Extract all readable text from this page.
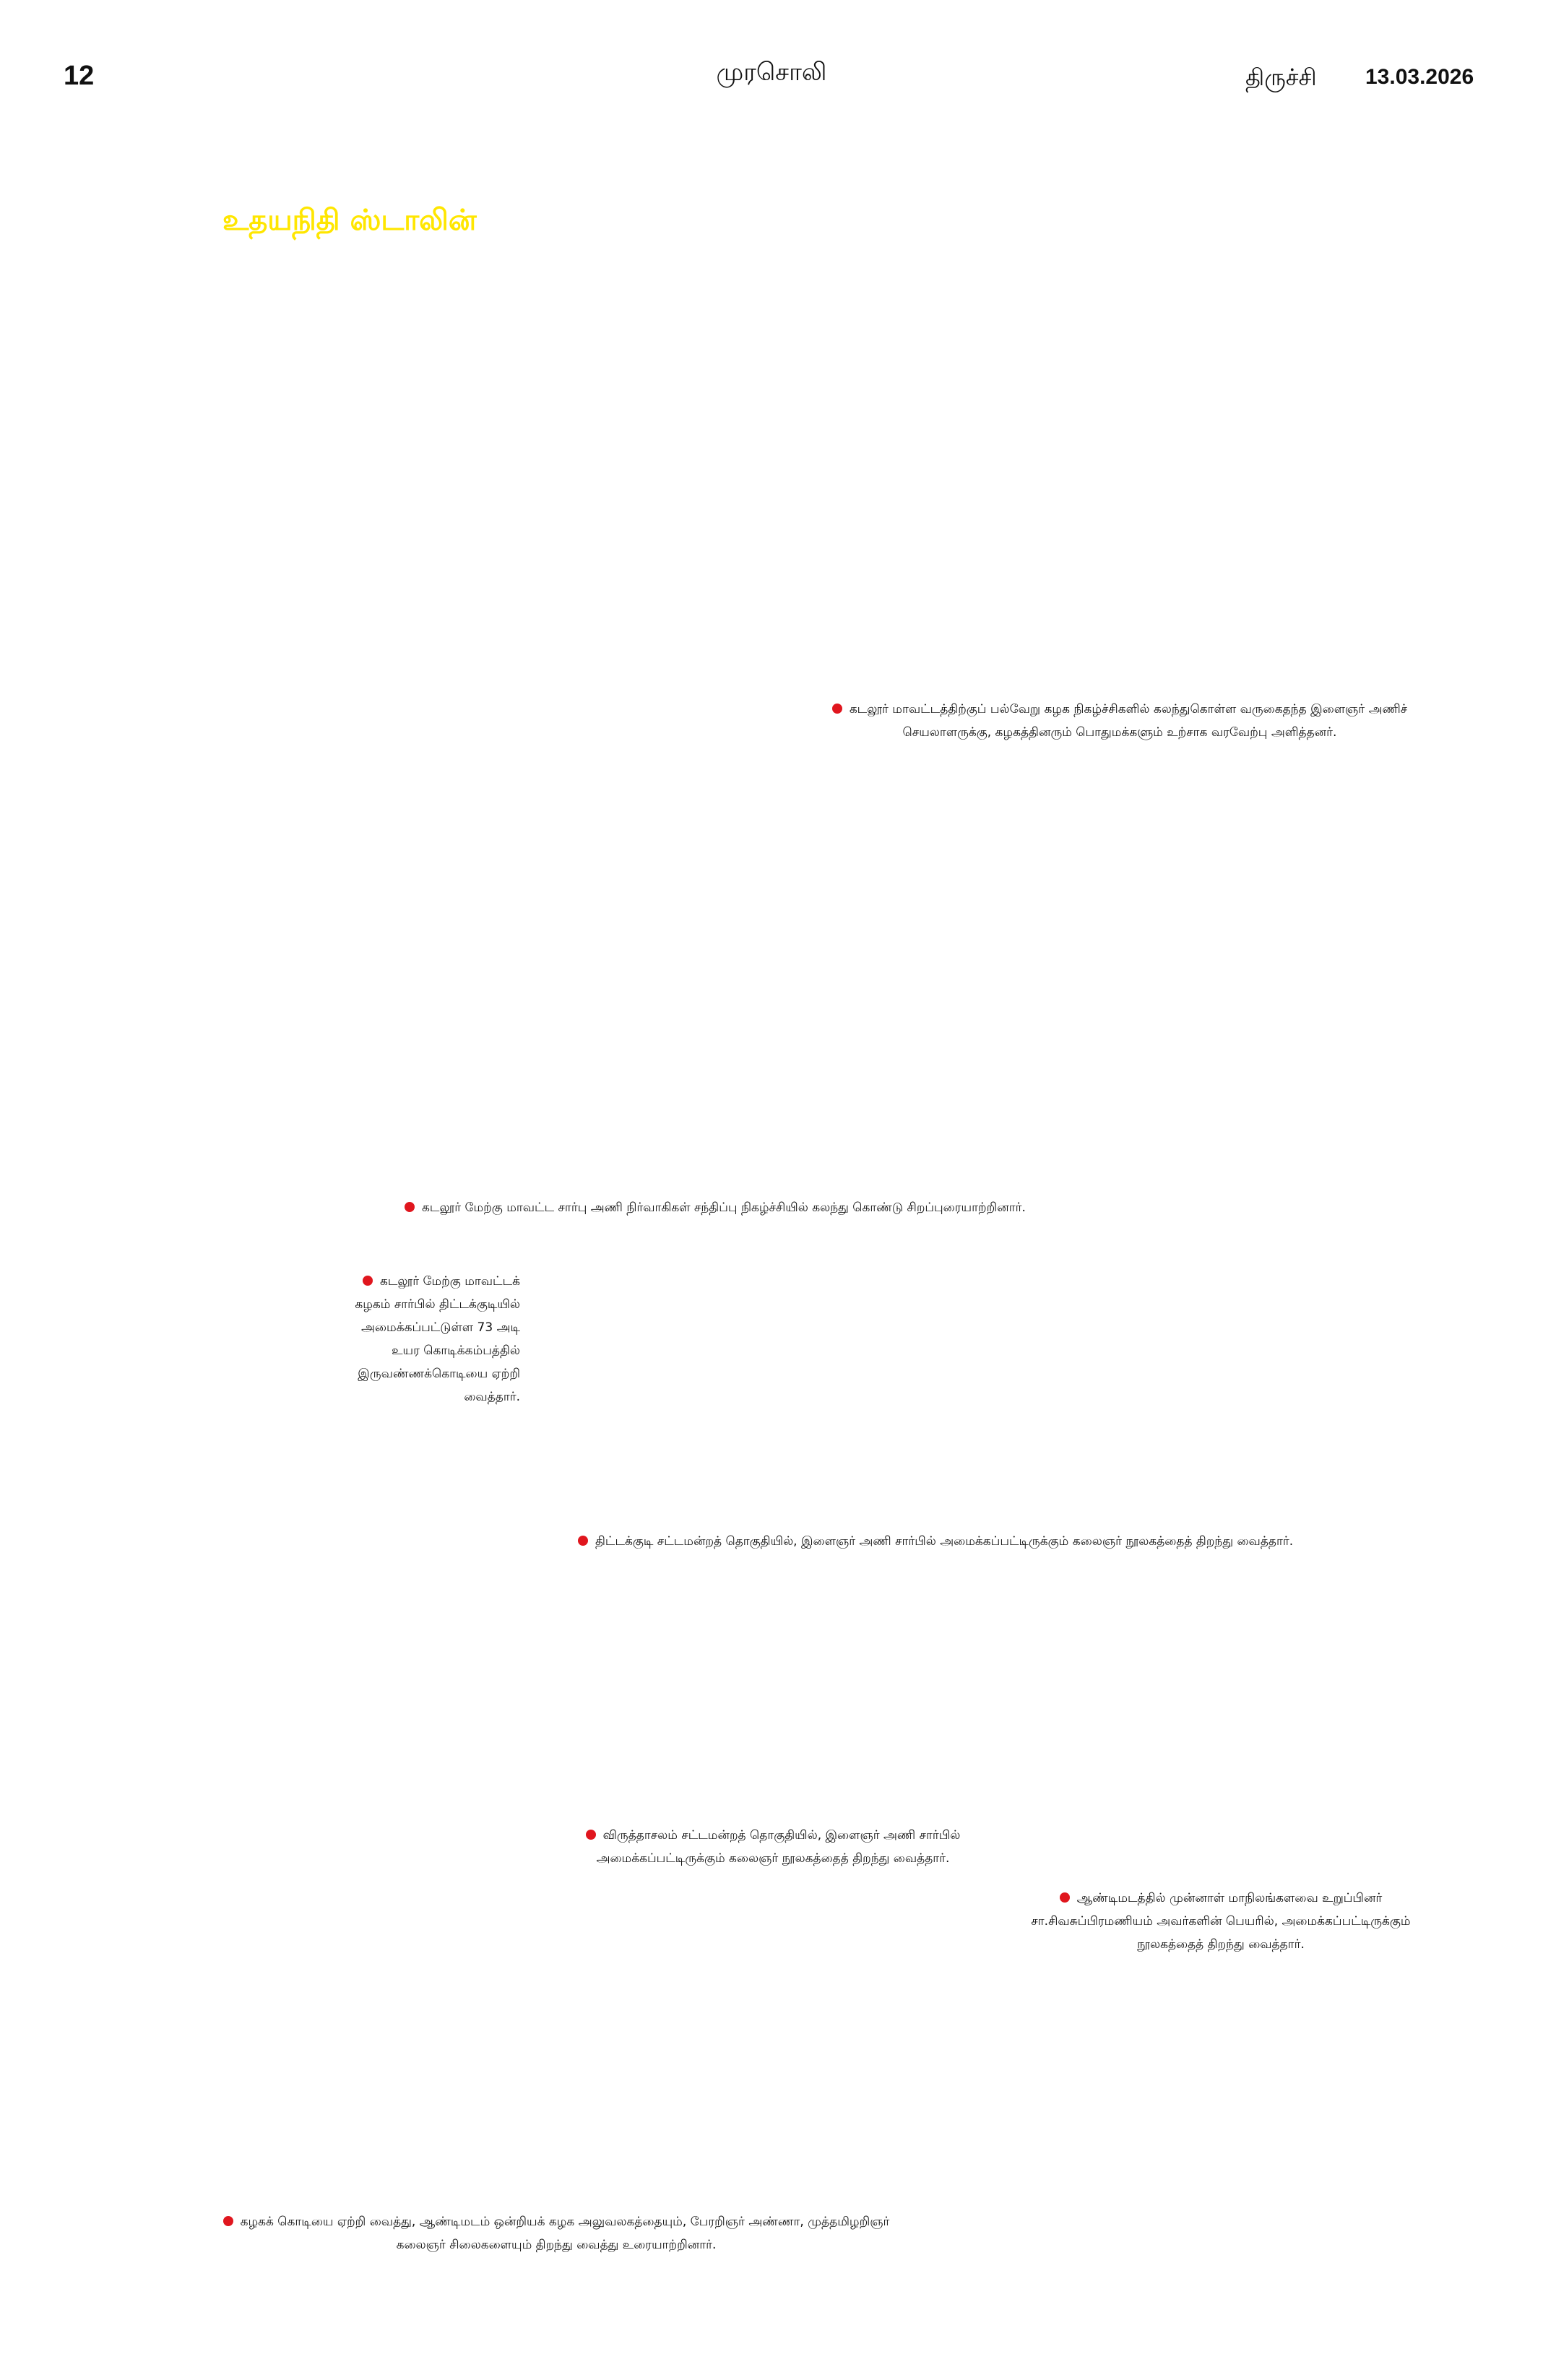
12	முரசொலி	திருச்சி 13.03.2026
உதயநிதி ஸ்டாலின்
கடலூர் மாவட்டத்திற்குப் பல்வேறு கழக நிகழ்ச்சிகளில் கலந்துகொள்ள வருகைதந்த இளைஞர் அணிச் செயலாளருக்கு, கழகத்தினரும் பொதுமக்களும் உற்சாக வரவேற்பு அளித்தனர்.
கடலூர் மேற்கு மாவட்ட சார்பு அணி நிர்வாகிகள் சந்திப்பு நிகழ்ச்சியில் கலந்து கொண்டு சிறப்புரையாற்றினார்.
கடலூர் மேற்கு மாவட்டக் கழகம் சார்பில் திட்டக்குடியில் அமைக்கப்பட்டுள்ள 73 அடி உயர கொடிக்கம்பத்தில் இருவண்ணக்கொடியை ஏற்றி வைத்தார்.
திட்டக்குடி சட்டமன்றத் தொகுதியில், இளைஞர் அணி சார்பில் அமைக்கப்பட்டிருக்கும் கலைஞர் நூலகத்தைத் திறந்து வைத்தார்.
விருத்தாசலம் சட்டமன்றத் தொகுதியில், இளைஞர் அணி சார்பில் அமைக்கப்பட்டிருக்கும் கலைஞர் நூலகத்தைத் திறந்து வைத்தார்.
ஆண்டிமடத்தில் முன்னாள் மாநிலங்களவை உறுப்பினர் சா.சிவசுப்பிரமணியம் அவர்களின் பெயரில், அமைக்கப்பட்டிருக்கும் நூலகத்தைத் திறந்து வைத்தார்.
கழகக் கொடியை ஏற்றி வைத்து, ஆண்டிமடம் ஒன்றியக் கழக அலுவலகத்தையும், பேரறிஞர் அண்ணா, முத்தமிழறிஞர் கலைஞர் சிலைகளையும் திறந்து வைத்து உரையாற்றினார்.
